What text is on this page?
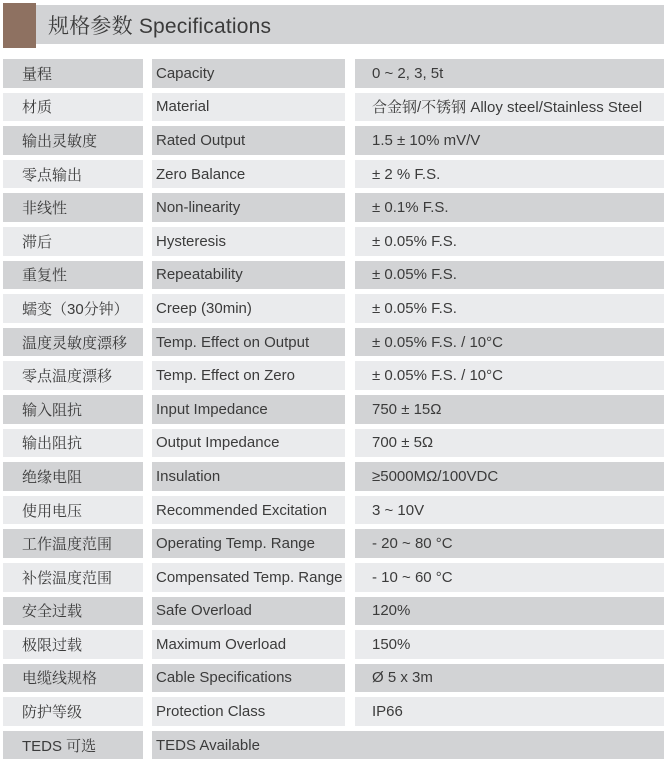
规格参数 Specifications
量程	Capacity	0 ~ 2, 3, 5t
材质	Material	合金钢/不锈钢 Alloy steel/Stainless Steel
输出灵敏度	Rated Output	1.5 ± 10% mV/V
零点输出	Zero Balance	± 2 % F.S.
非线性	Non-linearity	± 0.1% F.S.
滞后	Hysteresis	± 0.05% F.S.
重复性	Repeatability	± 0.05% F.S.
蠕变（30分钟）	Creep (30min)	± 0.05% F.S.
温度灵敏度漂移	Temp. Effect on Output	± 0.05% F.S. / 10°C
零点温度漂移	Temp. Effect on Zero	± 0.05% F.S. / 10°C
输入阻抗	Input Impedance	750 ± 15Ω
输出阻抗	Output Impedance	700 ± 5Ω
绝缘电阻	Insulation	≥5000MΩ/100VDC
使用电压	Recommended Excitation	3 ~ 10V
工作温度范围	Operating Temp. Range	- 20 ~ 80 °C
补偿温度范围	Compensated Temp. Range	- 10 ~ 60 °C
安全过载	Safe Overload	120%
极限过载	Maximum Overload	150%
电缆线规格	Cable Specifications	Ø 5 x 3m
防护等级	Protection Class	IP66
TEDS 可选	TEDS Available
